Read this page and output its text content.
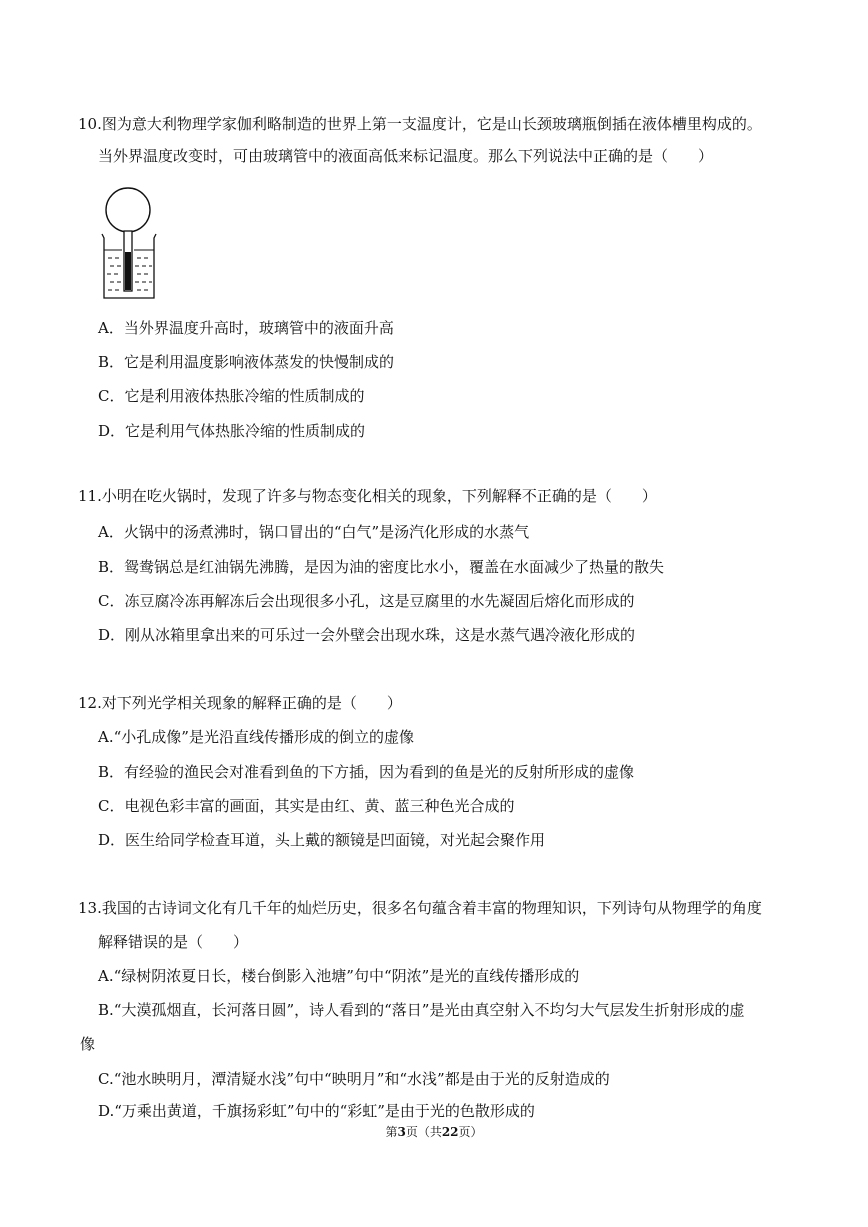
10.图为意大利物理学家伽利略制造的世界上第一支温度计，它是山长颈玻璃瓶倒插在液体槽里构成的。
当外界温度改变时，可由玻璃管中的液面高低来标记温度。那么下列说法中正确的是（　　）
A．当外界温度升高时，玻璃管中的液面升高
B．它是利用温度影响液体蒸发的快慢制成的
C．它是利用液体热胀冷缩的性质制成的
D．它是利用气体热胀冷缩的性质制成的
11.小明在吃火锅时，发现了许多与物态变化相关的现象，下列解释不正确的是（　　）
A．火锅中的汤煮沸时，锅口冒出的“白气”是汤汽化形成的水蒸气
B．鸳鸯锅总是红油锅先沸腾，是因为油的密度比水小，覆盖在水面减少了热量的散失
C．冻豆腐冷冻再解冻后会出现很多小孔，这是豆腐里的水先凝固后熔化而形成的
D．刚从冰箱里拿出来的可乐过一会外壁会出现水珠，这是水蒸气遇冷液化形成的
12.对下列光学相关现象的解释正确的是（　　）
A.“小孔成像”是光沿直线传播形成的倒立的虚像
B．有经验的渔民会对准看到鱼的下方插，因为看到的鱼是光的反射所形成的虚像
C．电视色彩丰富的画面，其实是由红、黄、蓝三种色光合成的
D．医生给同学检查耳道，头上戴的额镜是凹面镜，对光起会聚作用
13.我国的古诗词文化有几千年的灿烂历史，很多名句蕴含着丰富的物理知识，下列诗句从物理学的角度
解释错误的是（　　）
A.“绿树阴浓夏日长，楼台倒影入池塘”句中“阴浓”是光的直线传播形成的
B.“大漠孤烟直，长河落日圆”，诗人看到的“落日”是光由真空射入不均匀大气层发生折射形成的虚
像
C.“池水映明月，潭清疑水浅”句中“映明月”和“水浅”都是由于光的反射造成的
D.“万乘出黄道，千旗扬彩虹”句中的“彩虹”是由于光的色散形成的
第3页（共22页）
